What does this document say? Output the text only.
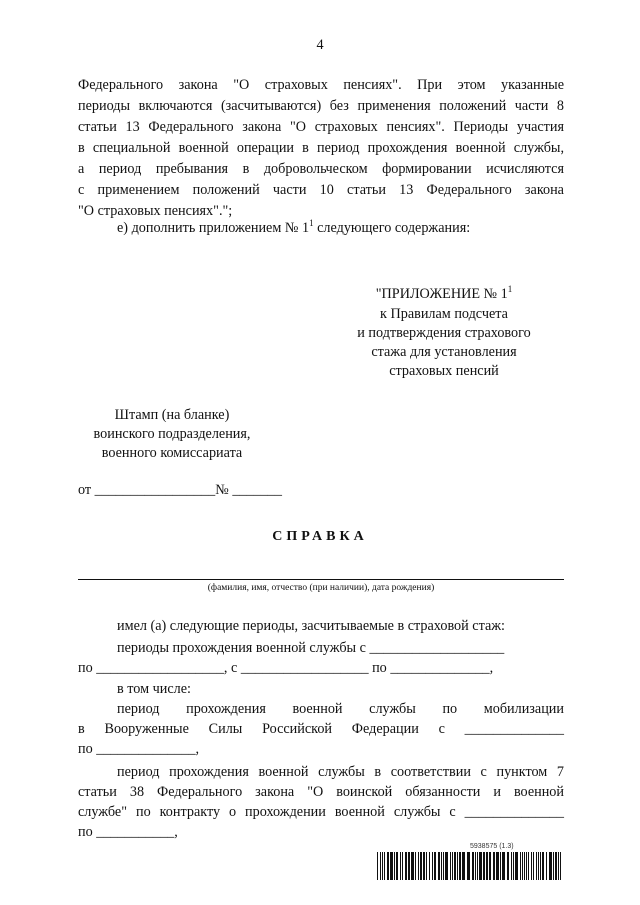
4
Федерального закона "О страховых пенсиях". При этом указанные
периоды включаются (засчитываются) без применения положений части 8
статьи 13 Федерального закона "О страховых пенсиях". Периоды участия
в специальной военной операции в период прохождения военной службы,
а период пребывания в добровольческом формировании исчисляются
с применением положений части 10 статьи 13 Федерального закона
"О страховых пенсиях".";
е) дополнить приложением № $1^1$ следующего содержания:
"ПРИЛОЖЕНИЕ № $1^1$
к Правилам подсчета
и подтверждения страхового
стажа для установления
страховых пенсий
Штамп (на бланке)
воинского подразделения,
военного комиссариата
от _________________№ _______
СПРАВКА
(фамилия, имя, отчество (при наличии), дата рождения)
имел (а) следующие периоды, засчитываемые в страховой стаж:
периоды прохождения военной службы с ___________________
по __________________, с __________________ по ______________,
в том числе:
период прохождения военной службы по мобилизации
в Вооруженные Силы Российской Федерации с ______________
по ______________,
период прохождения военной службы в соответствии с пунктом 7
статьи 38 Федерального закона "О воинской обязанности и военной
службе" по контракту о прохождении военной службы с ______________
по ___________,
5938575 (1.3)
